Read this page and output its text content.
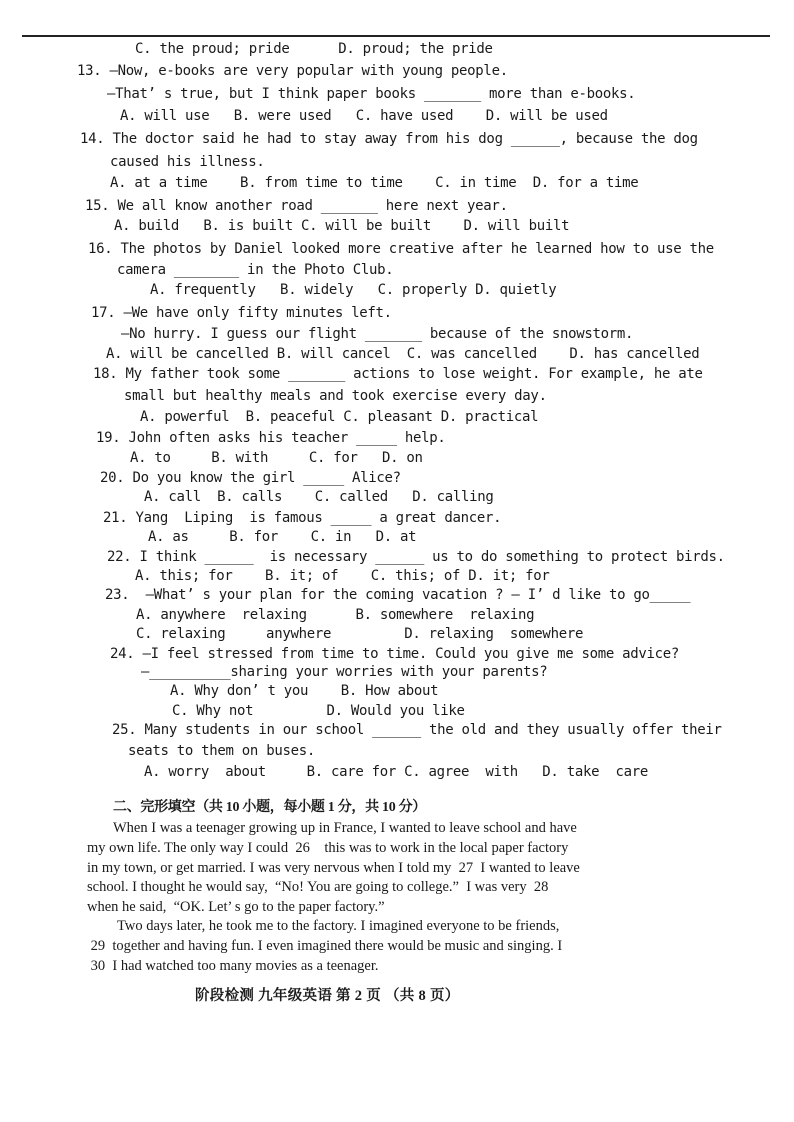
C. the proud; pride      D. proud; the pride
13. —Now, e-books are very popular with young people.
—That’ s true, but I think paper books _______ more than e-books.
A. will use   B. were used   C. have used    D. will be used
14. The doctor said he had to stay away from his dog ______, because the dog
caused his illness.
A. at a time    B. from time to time    C. in time  D. for a time
15. We all know another road _______ here next year.
A. build   B. is built C. will be built    D. will built
16. The photos by Daniel looked more creative after he learned how to use the
camera ________ in the Photo Club.
A. frequently   B. widely   C. properly D. quietly
17. —We have only fifty minutes left.
—No hurry. I guess our flight _______ because of the snowstorm.
A. will be cancelled B. will cancel  C. was cancelled    D. has cancelled
18. My father took some _______ actions to lose weight. For example, he ate
small but healthy meals and took exercise every day.
A. powerful  B. peaceful C. pleasant D. practical
19. John often asks his teacher _____ help.
A. to     B. with     C. for   D. on
20. Do you know the girl _____ Alice?
A. call  B. calls    C. called   D. calling
21. Yang  Liping  is famous _____ a great dancer.
A. as     B. for    C. in   D. at
22. I think ______  is necessary ______ us to do something to protect birds.
A. this; for    B. it; of    C. this; of D. it; for
23.  —What’ s your plan for the coming vacation ? — I’ d like to go_____
A. anywhere  relaxing      B. somewhere  relaxing
C. relaxing     anywhere         D. relaxing  somewhere
24. —I feel stressed from time to time. Could you give me some advice?
—__________sharing your worries with your parents?
A. Why don’ t you    B. How about
C. Why not         D. Would you like
25. Many students in our school ______ the old and they usually offer their
seats to them on buses.
A. worry  about     B. care for C. agree  with   D. take  care
二、完形填空（共 10 小题，每小题 1 分，共 10 分）
When I was a teenager growing up in France, I wanted to leave school and have
my own life. The only way I could  26    this was to work in the local paper factory
in my town, or get married. I was very nervous when I told my  27  I wanted to leave
school. I thought he would say,  “No! You are going to college.”  I was very  28
when he said,  “OK. Let’ s go to the paper factory.”
Two days later, he took me to the factory. I imagined everyone to be friends,
29  together and having fun. I even imagined there would be music and singing. I
30  I had watched too many movies as a teenager.
阶段检测 九年级英语 第 2 页 （共 8 页）
